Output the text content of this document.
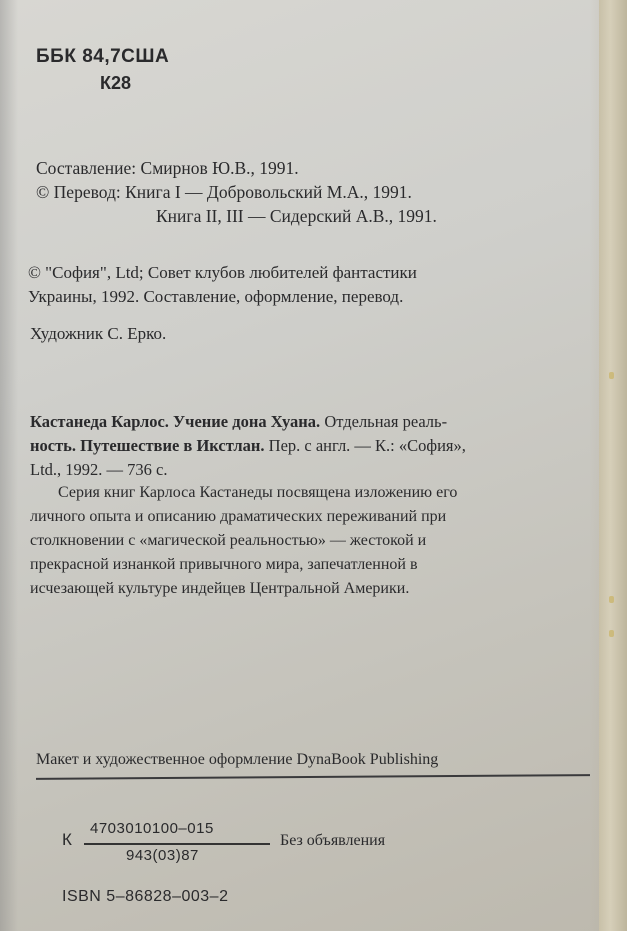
ББК 84,7США
К28
Составление: Смирнов Ю.В., 1991.
© Перевод: Книга I — Добровольский М.А., 1991.
Книга II, III — Сидерский А.В., 1991.
© "София", Ltd; Совет клубов любителей фантастики
Украины, 1992. Составление, оформление, перевод.
Художник С. Ерко.
Кастанеда Карлос. Учение дона Хуана. Отдельная реаль-
ность. Путешествие в Икстлан. Пер. с англ. — К.: «София»,
Ltd., 1992. — 736 с.
Серия книг Карлоса Кастанеды посвящена изложению его
личного опыта и описанию драматических переживаний при
столкновении с «магической реальностью» — жестокой и
прекрасной изнанкой привычного мира, запечатленной в
исчезающей культуре индейцев Центральной Америки.
Макет и художественное оформление DynaBook Publishing
К
4703010100–015
943(03)87
Без объявления
ISBN 5–86828–003–2
